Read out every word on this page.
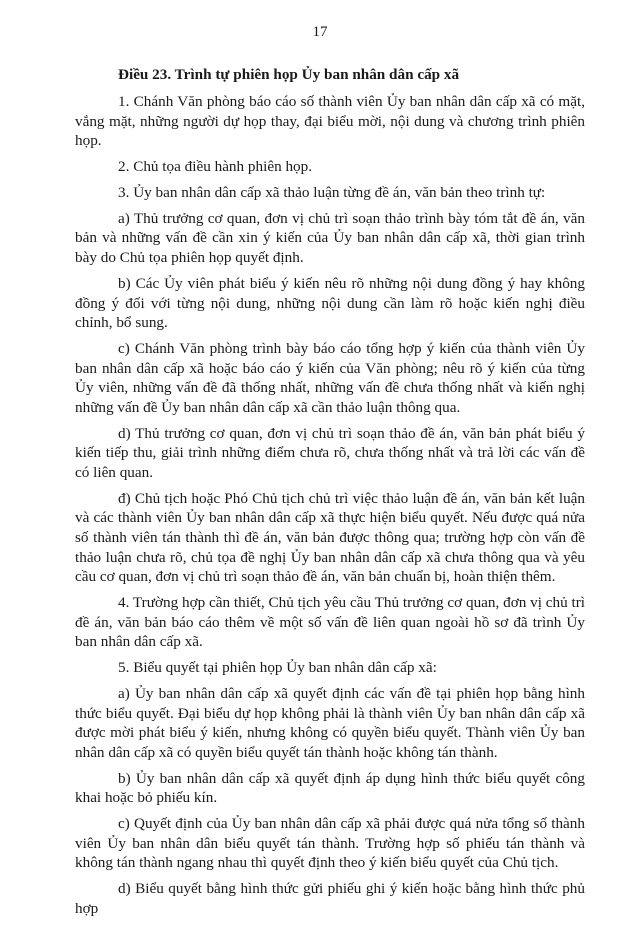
17

Điều 23. Trình tự phiên họp Ủy ban nhân dân cấp xã

1. Chánh Văn phòng báo cáo số thành viên Ủy ban nhân dân cấp xã có mặt, vắng mặt, những người dự họp thay, đại biểu mời, nội dung và chương trình phiên họp.

2. Chủ tọa điều hành phiên họp.

3. Ủy ban nhân dân cấp xã thảo luận từng đề án, văn bản theo trình tự:

a) Thủ trưởng cơ quan, đơn vị chủ trì soạn thảo trình bày tóm tắt đề án, văn bản và những vấn đề cần xin ý kiến của Ủy ban nhân dân cấp xã, thời gian trình bày do Chủ tọa phiên họp quyết định.

b) Các Ủy viên phát biểu ý kiến nêu rõ những nội dung đồng ý hay không đồng ý đối với từng nội dung, những nội dung cần làm rõ hoặc kiến nghị điều chỉnh, bổ sung.

c) Chánh Văn phòng trình bày báo cáo tổng hợp ý kiến của thành viên Ủy ban nhân dân cấp xã hoặc báo cáo ý kiến của Văn phòng; nêu rõ ý kiến của từng Ủy viên, những vấn đề đã thống nhất, những vấn đề chưa thống nhất và kiến nghị những vấn đề Ủy ban nhân dân cấp xã cần thảo luận thông qua.

d) Thủ trưởng cơ quan, đơn vị chủ trì soạn thảo đề án, văn bản phát biểu ý kiến tiếp thu, giải trình những điểm chưa rõ, chưa thống nhất và trả lời các vấn đề có liên quan.

đ) Chủ tịch hoặc Phó Chủ tịch chủ trì việc thảo luận đề án, văn bản kết luận và các thành viên Ủy ban nhân dân cấp xã thực hiện biểu quyết. Nếu được quá nửa số thành viên tán thành thì đề án, văn bản được thông qua; trường hợp còn vấn đề thảo luận chưa rõ, chủ tọa đề nghị Ủy ban nhân dân cấp xã chưa thông qua và yêu cầu cơ quan, đơn vị chủ trì soạn thảo đề án, văn bản chuẩn bị, hoàn thiện thêm.

4. Trường hợp cần thiết, Chủ tịch yêu cầu Thủ trưởng cơ quan, đơn vị chủ trì đề án, văn bản báo cáo thêm về một số vấn đề liên quan ngoài hồ sơ đã trình Ủy ban nhân dân cấp xã.

5. Biểu quyết tại phiên họp Ủy ban nhân dân cấp xã:

a) Ủy ban nhân dân cấp xã quyết định các vấn đề tại phiên họp bằng hình thức biểu quyết. Đại biểu dự họp không phải là thành viên Ủy ban nhân dân cấp xã được mời phát biểu ý kiến, nhưng không có quyền biểu quyết. Thành viên Ủy ban nhân dân cấp xã có quyền biểu quyết tán thành hoặc không tán thành.

b) Ủy ban nhân dân cấp xã quyết định áp dụng hình thức biểu quyết công khai hoặc bỏ phiếu kín.

c) Quyết định của Ủy ban nhân dân cấp xã phải được quá nửa tổng số thành viên Ủy ban nhân dân biểu quyết tán thành. Trường hợp số phiếu tán thành và không tán thành ngang nhau thì quyết định theo ý kiến biểu quyết của Chủ tịch.

d) Biểu quyết bằng hình thức gửi phiếu ghi ý kiến hoặc bằng hình thức phủ hợp
